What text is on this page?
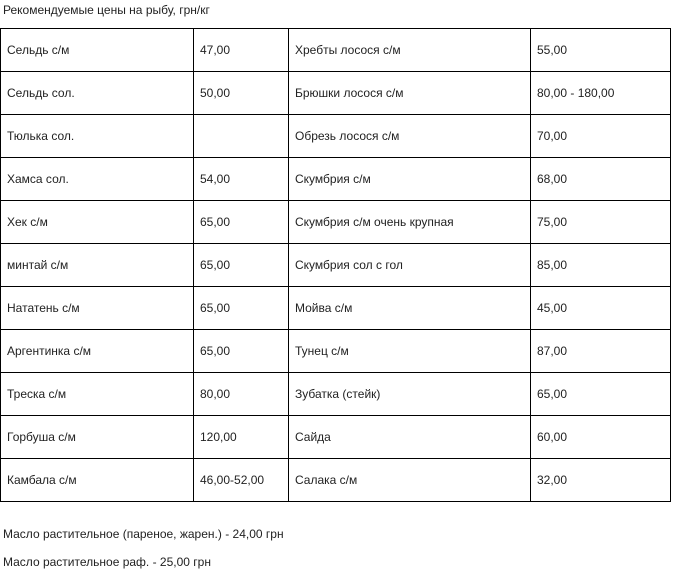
Рекомендуемые цены на рыбу, грн/кг
Сельдь с/м	47,00	Хребты лосося с/м	55,00
Сельдь сол.	50,00	Брюшки лосося с/м	80,00 - 180,00
Тюлька сол.		Обрезь лосося с/м	70,00
Хамса сол.	54,00	Скумбрия с/м	68,00
Хек с/м	65,00	Скумбрия с/м очень крупная	75,00
минтай с/м	65,00	Скумбрия сол с гол	85,00
Нататень с/м	65,00	Мойва с/м	45,00
Аргентинка с/м	65,00	Тунец с/м	87,00
Треска с/м	80,00	Зубатка (стейк)	65,00
Горбуша с/м	120,00	Сайда	60,00
Камбала с/м	46,00-52,00	Салака с/м	32,00
Масло растительное (пареное, жарен.) - 24,00 грн
Масло растительное раф. - 25,00 грн
